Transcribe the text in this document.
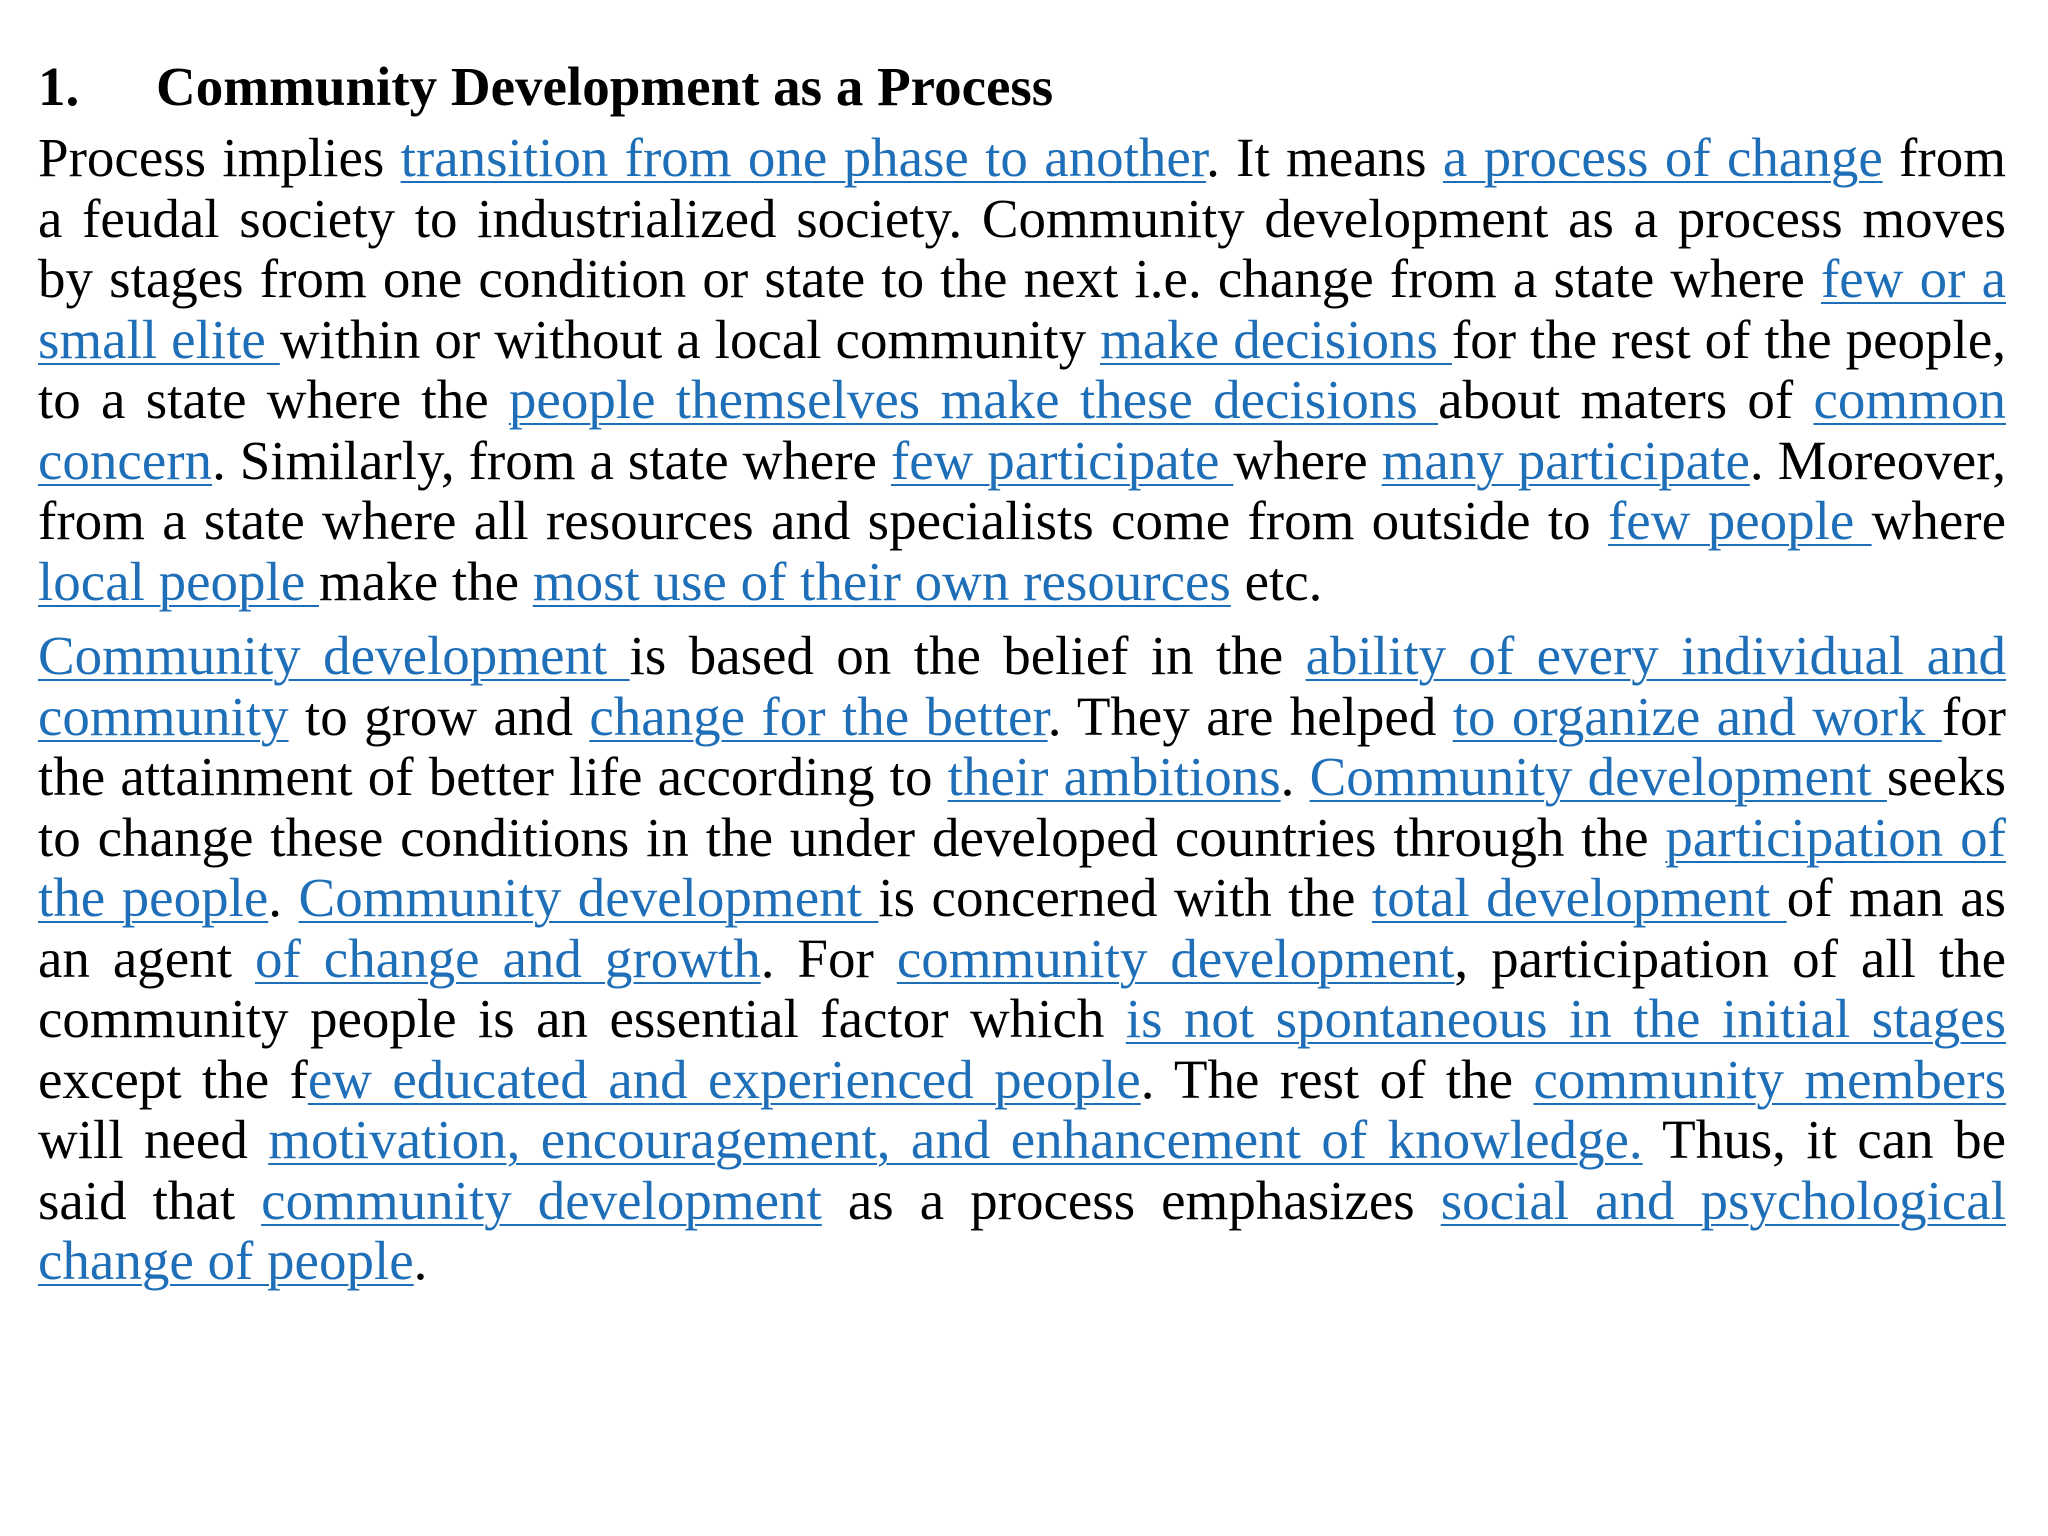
1. Community Development as a Process

Process implies transition from one phase to another. It means a process of change from a feudal society to industrialized society. Community development as a process moves by stages from one condition or state to the next i.e. change from a state where few or a small elite within or without a local community make decisions for the rest of the people, to a state where the people themselves make these decisions about maters of common concern. Similarly, from a state where few participate where many participate. Moreover, from a state where all resources and specialists come from outside to few people where local people make the most use of their own resources etc.

Community development is based on the belief in the ability of every individual and community to grow and change for the better. They are helped to organize and work for the attainment of better life according to their ambitions. Community development seeks to change these conditions in the under developed countries through the participation of the people. Community development is concerned with the total development of man as an agent of change and growth. For community development, participation of all the community people is an essential factor which is not spontaneous in the initial stages except the few educated and experienced people. The rest of the community members will need motivation, encouragement, and enhancement of knowledge. Thus, it can be said that community development as a process emphasizes social and psychological change of people.
